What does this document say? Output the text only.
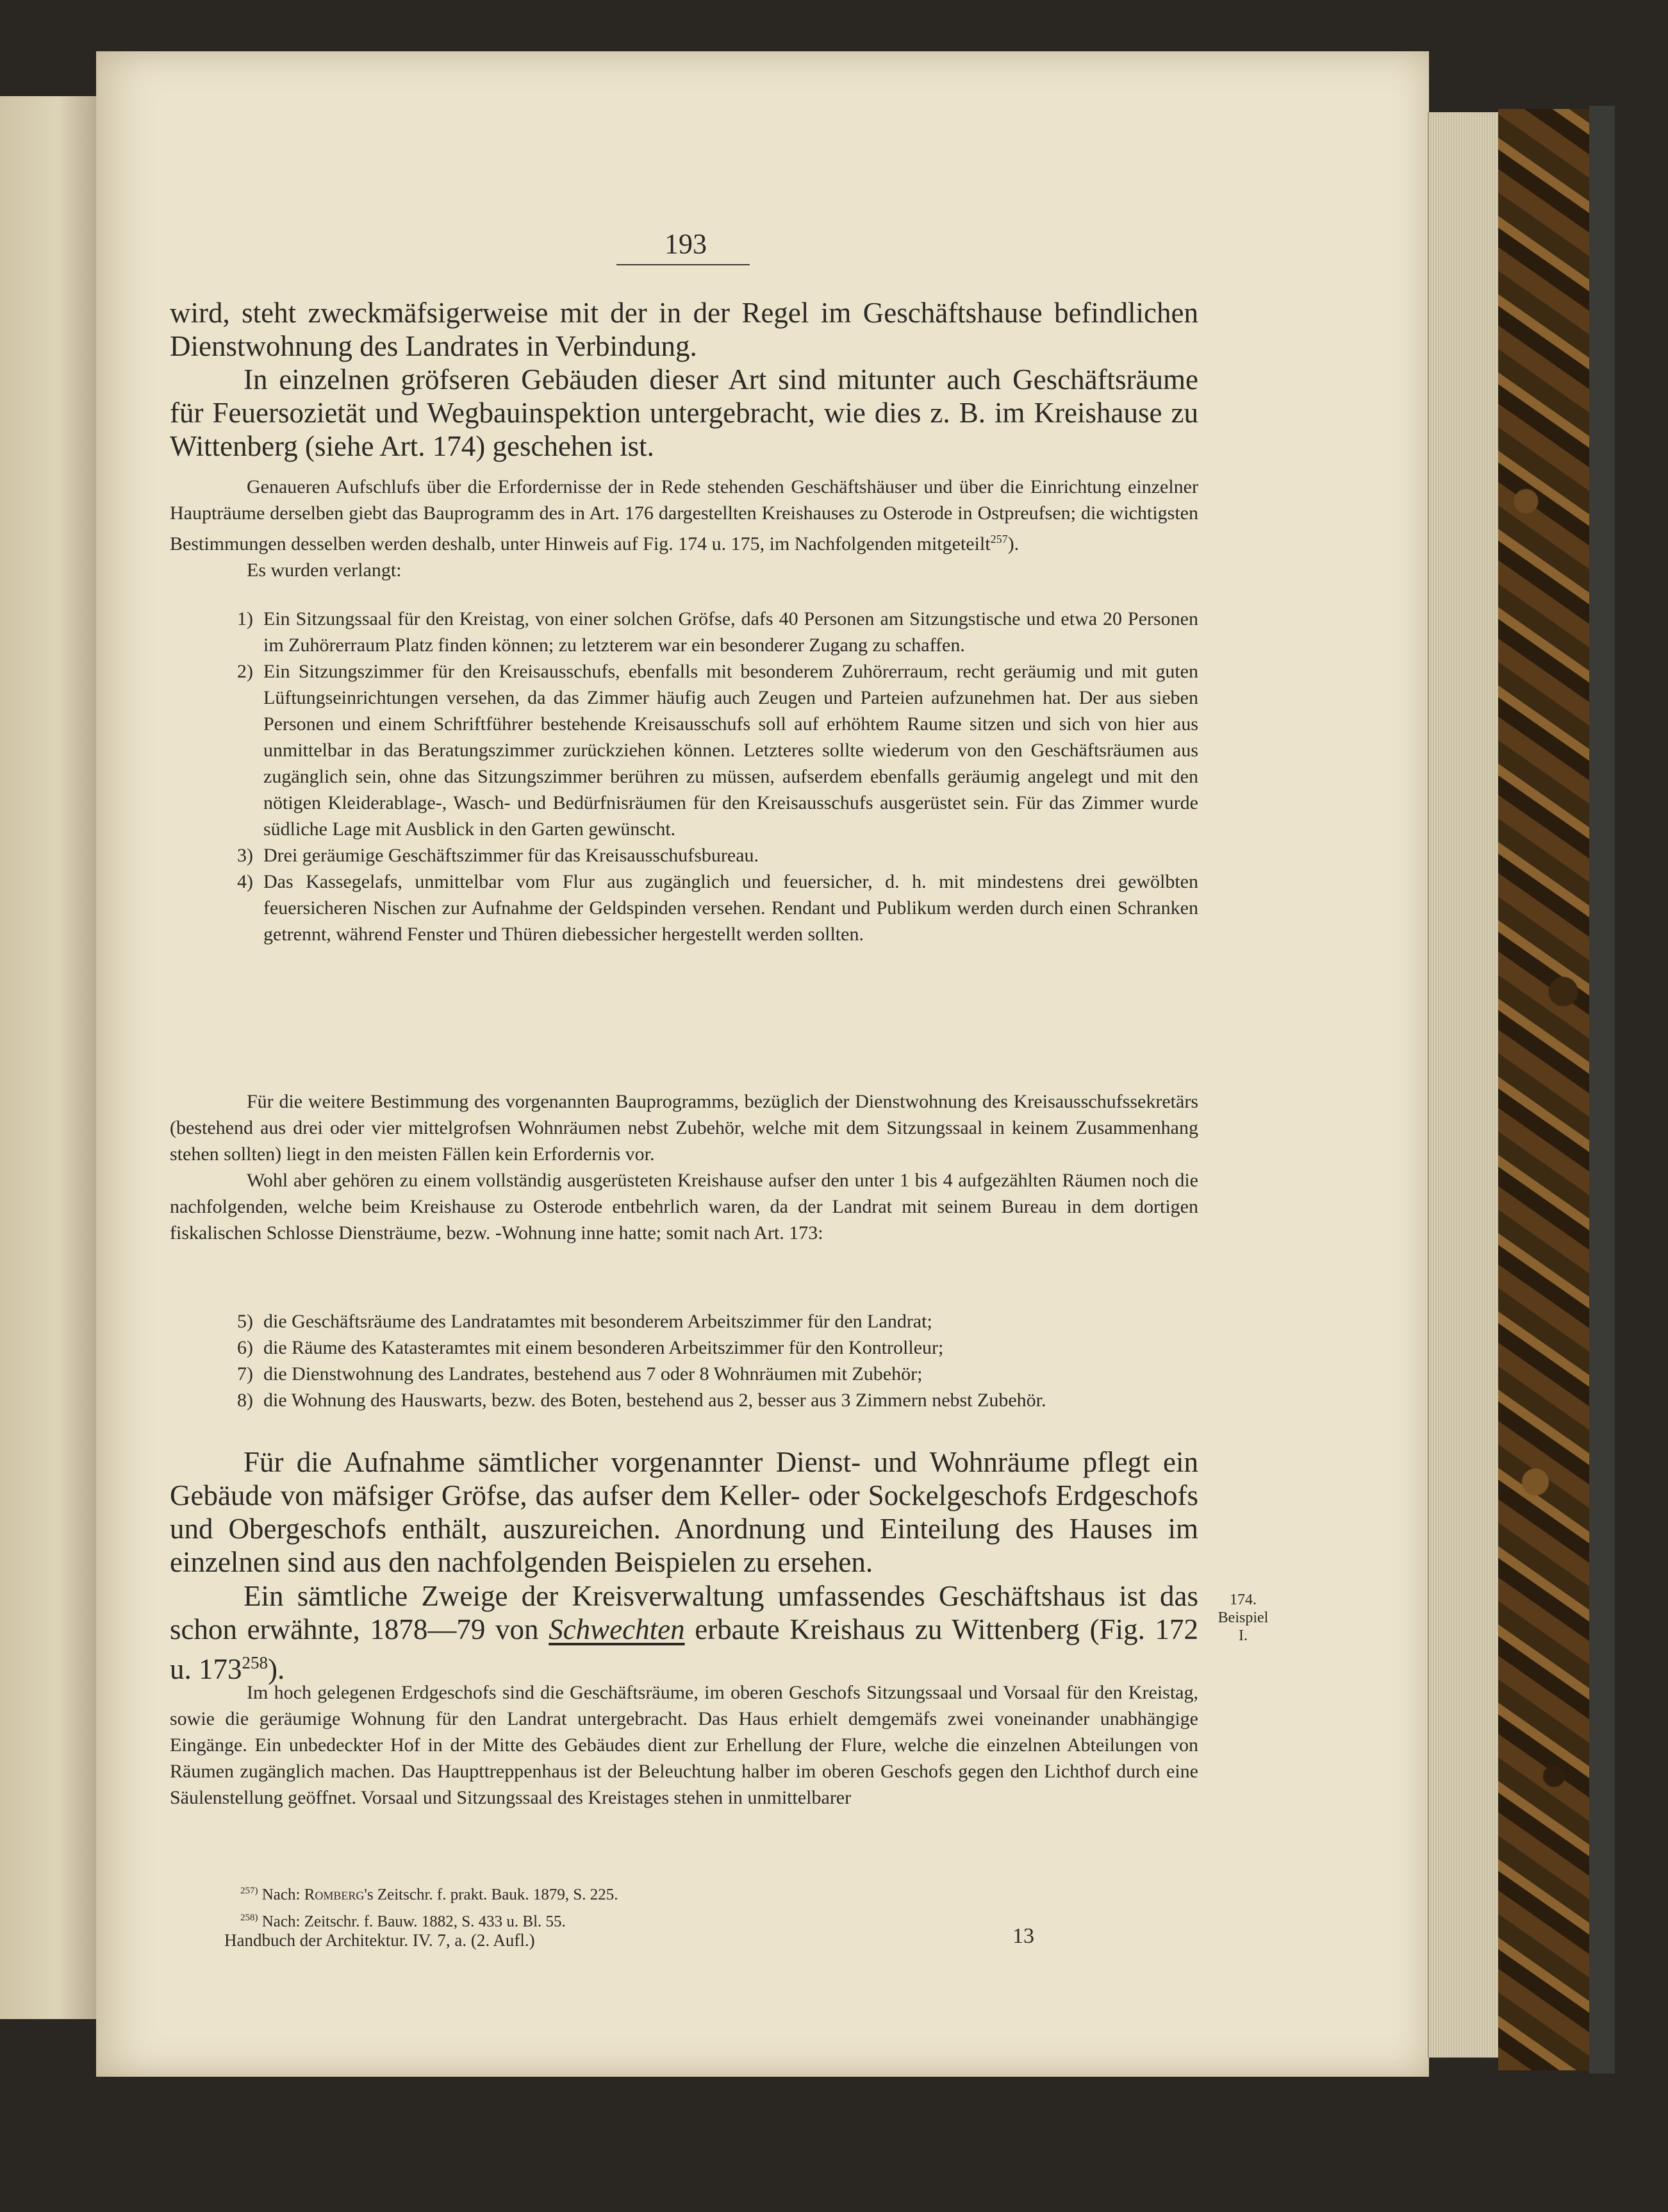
193

wird, steht zweckmäfsigerweise mit der in der Regel im Geschäftshause befindlichen Dienstwohnung des Landrates in Verbindung.

In einzelnen gröfseren Gebäuden dieser Art sind mitunter auch Geschäftsräume für Feuersozietät und Wegbauinspektion untergebracht, wie dies z. B. im Kreishause zu Wittenberg (siehe Art. 174) geschehen ist.

Genaueren Aufschlufs über die Erfordernisse der in Rede stehenden Geschäftshäuser und über die Einrichtung einzelner Haupträume derselben giebt das Bauprogramm des in Art. 176 dargestellten Kreishauses zu Osterode in Ostpreufsen; die wichtigsten Bestimmungen desselben werden deshalb, unter Hinweis auf Fig. 174 u. 175, im Nachfolgenden mitgeteilt$^{257}$).

Es wurden verlangt:

1) Ein Sitzungssaal für den Kreistag, von einer solchen Gröfse, dafs 40 Personen am Sitzungstische und etwa 20 Personen im Zuhörerraum Platz finden können; zu letzterem war ein besonderer Zugang zu schaffen.
2) Ein Sitzungszimmer für den Kreisausschufs, ebenfalls mit besonderem Zuhörerraum, recht geräumig und mit guten Lüftungseinrichtungen versehen, da das Zimmer häufig auch Zeugen und Parteien aufzunehmen hat. Der aus sieben Personen und einem Schriftführer bestehende Kreisausschufs soll auf erhöhtem Raume sitzen und sich von hier aus unmittelbar in das Beratungszimmer zurückziehen können. Letzteres sollte wiederum von den Geschäftsräumen aus zugänglich sein, ohne das Sitzungszimmer berühren zu müssen, aufserdem ebenfalls geräumig angelegt und mit den nötigen Kleiderablage-, Wasch- und Bedürfnisräumen für den Kreisausschufs ausgerüstet sein. Für das Zimmer wurde südliche Lage mit Ausblick in den Garten gewünscht.
3) Drei geräumige Geschäftszimmer für das Kreisausschufsbureau.
4) Das Kassegelafs, unmittelbar vom Flur aus zugänglich und feuersicher, d. h. mit mindestens drei gewölbten feuersicheren Nischen zur Aufnahme der Geldspinden versehen. Rendant und Publikum werden durch einen Schranken getrennt, während Fenster und Thüren diebessicher hergestellt werden sollten.

Für die weitere Bestimmung des vorgenannten Bauprogramms, bezüglich der Dienstwohnung des Kreisausschufssekretärs (bestehend aus drei oder vier mittelgrofsen Wohnräumen nebst Zubehör, welche mit dem Sitzungssaal in keinem Zusammenhang stehen sollten) liegt in den meisten Fällen kein Erfordernis vor.

Wohl aber gehören zu einem vollständig ausgerüsteten Kreishause aufser den unter 1 bis 4 aufgezählten Räumen noch die nachfolgenden, welche beim Kreishause zu Osterode entbehrlich waren, da der Landrat mit seinem Bureau in dem dortigen fiskalischen Schlosse Diensträume, bezw. -Wohnung inne hatte; somit nach Art. 173:

5) die Geschäftsräume des Landratamtes mit besonderem Arbeitszimmer für den Landrat;
6) die Räume des Katasteramtes mit einem besonderen Arbeitszimmer für den Kontrolleur;
7) die Dienstwohnung des Landrates, bestehend aus 7 oder 8 Wohnräumen mit Zubehör;
8) die Wohnung des Hauswarts, bezw. des Boten, bestehend aus 2, besser aus 3 Zimmern nebst Zubehör.

Für die Aufnahme sämtlicher vorgenannter Dienst- und Wohnräume pflegt ein Gebäude von mäfsiger Gröfse, das aufser dem Keller- oder Sockelgeschofs Erdgeschofs und Obergeschofs enthält, auszureichen. Anordnung und Einteilung des Hauses im einzelnen sind aus den nachfolgenden Beispielen zu ersehen.

Ein sämtliche Zweige der Kreisverwaltung umfassendes Geschäftshaus ist das schon erwähnte, 1878—79 von Schwechten erbaute Kreishaus zu Wittenberg (Fig. 172 u. $173^{258}$).

Im hoch gelegenen Erdgeschofs sind die Geschäftsräume, im oberen Geschofs Sitzungssaal und Vorsaal für den Kreistag, sowie die geräumige Wohnung für den Landrat untergebracht. Das Haus erhielt demgemäfs zwei voneinander unabhängige Eingänge. Ein unbedeckter Hof in der Mitte des Gebäudes dient zur Erhellung der Flure, welche die einzelnen Abteilungen von Räumen zugänglich machen. Das Haupttreppenhaus ist der Beleuchtung halber im oberen Geschofs gegen den Lichthof durch eine Säulenstellung geöffnet. Vorsaal und Sitzungssaal des Kreistages stehen in unmittelbarer

174.
Beispiel
I.
$^{257)}$ Nach: Romberg's Zeitschr. f. prakt. Bauk. 1879, S. 225.
$^{258)}$ Nach: Zeitschr. f. Bauw. 1882, S. 433 u. Bl. 55.
Handbuch der Architektur. IV. 7, a. (2. Aufl.)	13
